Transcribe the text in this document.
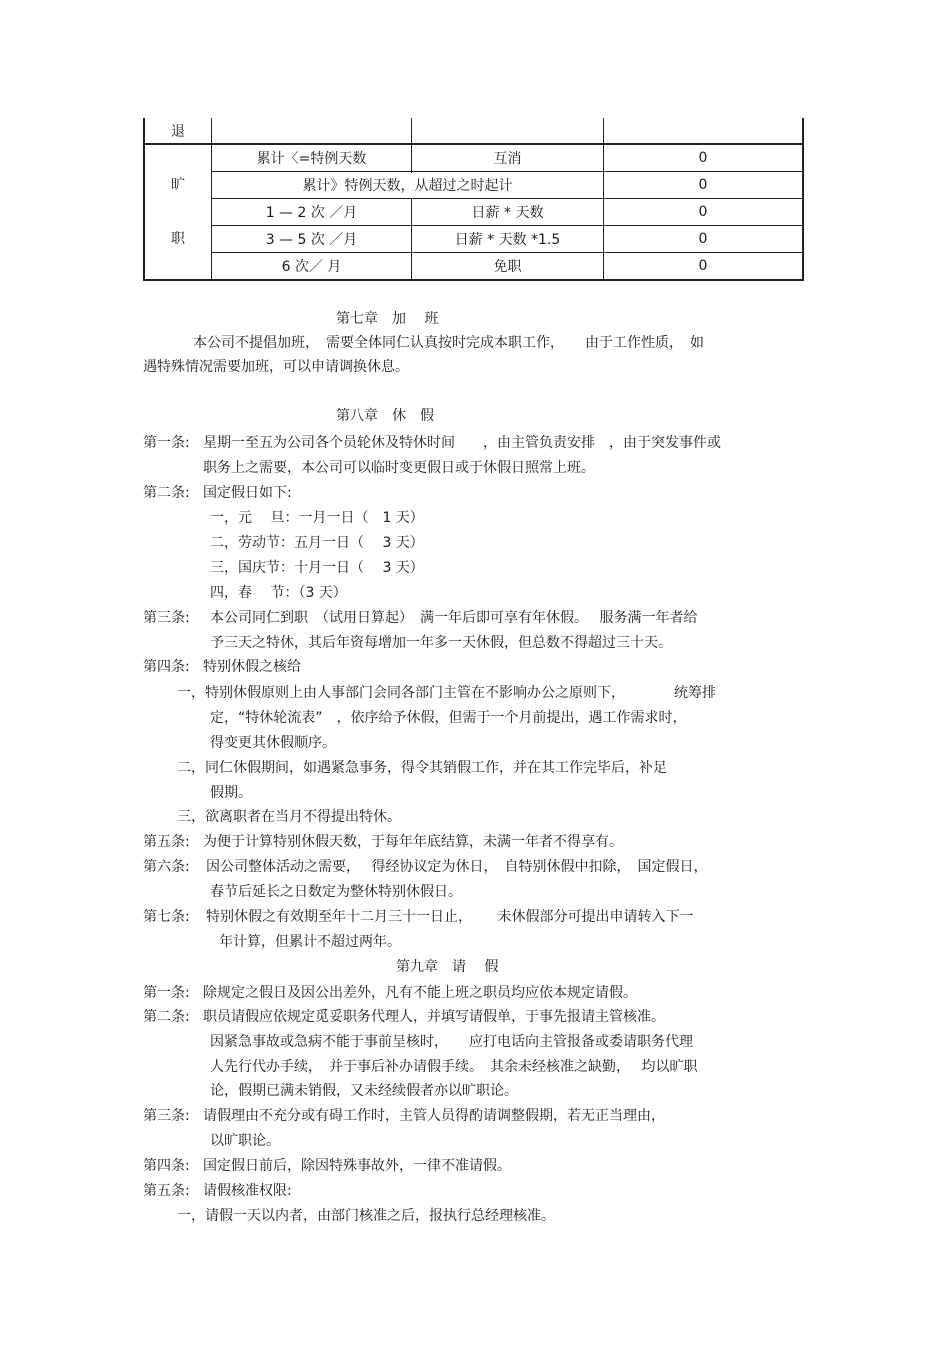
退
旷
职
累计〈=特例天数	互消	0
累计》特例天数，从超过之时起计	0
1 — 2 次 ／月	日薪 * 天数	0
3 — 5 次 ／月	日薪 * 天数 *1.5	0
6 次／ 月	免职	0
第七章　加　 班
本公司不提倡加班，　需要全体同仁认真按时完成本职工作，　　由于工作性质，　如
遇特殊情况需要加班，可以申请调换休息。
第八章　休　假
第一条: 星期一至五为公司各个员轮休及特休时间　　，由主管负责安排　，由于突发事件或
职务上之需要，本公司可以临时变更假日或于休假日照常上班。
第二条: 国定假日如下:
一，元　 旦：一月一日（　1 天）
二，劳动节：五月一日（　 3 天）
三，国庆节：十月一日（　 3 天）
四，春　 节：（3 天）
第三条: 本公司同仁到职　（试用日算起）　满一年后即可享有年休假。　 服务满一年者给
予三天之特休，其后年资每增加一年多一天休假，但总数不得超过三十天。
第四条: 特别休假之核给
一，特别休假原则上由人事部门会同各部门主管在不影响办公之原则下，　　　　统筹排
定，“特休轮流表”　，依序给予休假，但需于一个月前提出，遇工作需求时，
得变更其休假顺序。
二，同仁休假期间，如遇紧急事务，得令其销假工作，并在其工作完毕后，补足
假期。
三，欲离职者在当月不得提出特休。
第五条: 为便于计算特别休假天数，于每年年底结算，未满一年者不得享有。
第六条: 因公司整体活动之需要，　 得经协议定为休日，　自特别休假中扣除，　国定假日，
春节后延长之日数定为整休特别休假日。
第七条: 特别休假之有效期至年十二月三十一日止，　　 未休假部分可提出申请转入下一
年计算，但累计不超过两年。
第九章　请　 假
第一条: 除规定之假日及因公出差外，凡有不能上班之职员均应依本规定请假。
第二条: 职员请假应依规定觅妥职务代理人，并填写请假单，于事先报请主管核准。
因紧急事故或急病不能于事前呈核时，　　应打电话向主管报备或委请职务代理
人先行代办手续，　并于事后补办请假手续。　其余未经核准之缺勤，　 均以旷职
论，假期已满未销假，又未经续假者亦以旷职论。
第三条: 请假理由不充分或有碍工作时，主管人员得酌请调整假期，若无正当理由，
以旷职论。
第四条: 国定假日前后，除因特殊事故外，一律不准请假。
第五条: 请假核准权限:
一，请假一天以内者，由部门核准之后，报执行总经理核准。
